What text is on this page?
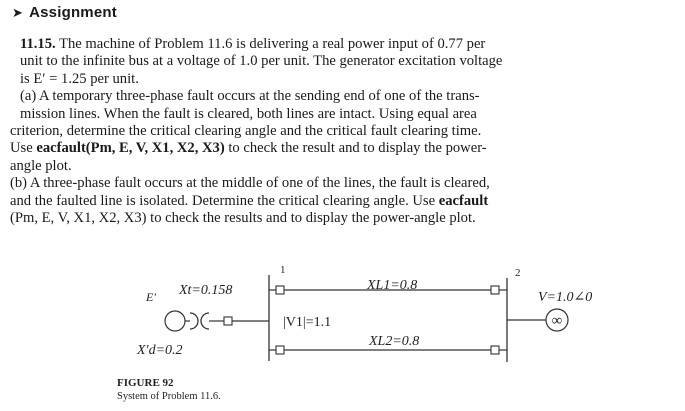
➤ Assignment

11.15. The machine of Problem 11.6 is delivering a real power input of 0.77 per

unit to the infinite bus at a voltage of 1.0 per unit. The generator excitation voltage

is E′ = 1.25 per unit.

(a) A temporary three-phase fault occurs at the sending end of one of the trans-

mission lines. When the fault is cleared, both lines are intact. Using equal area

criterion, determine the critical clearing angle and the critical fault clearing time.

Use eacfault(Pm, E, V, X1, X2, X3) to check the result and to display the power-

angle plot.

(b) A three-phase fault occurs at the middle of one of the lines, the fault is cleared,

and the faulted line is isolated. Determine the critical clearing angle. Use eacfault

(Pm, E, V, X1, X2, X3) to check the results and to display the power-angle plot.

1	2
E′ Xt=0.158	XL1=0.8
|V1|=1.1
XL2=0.8
X′d=0.2
V=1.0∠0
∞
FIGURE 92
System of Problem 11.6.
